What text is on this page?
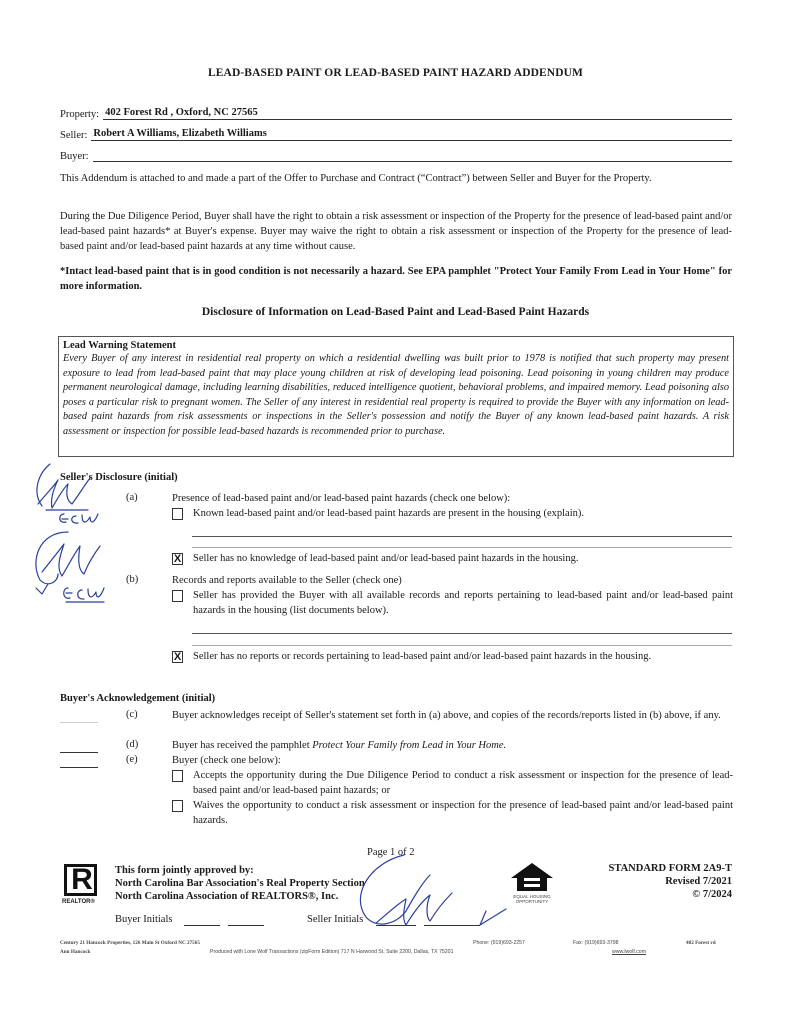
LEAD-BASED PAINT OR LEAD-BASED PAINT HAZARD ADDENDUM
Property: 402 Forest Rd , Oxford, NC 27565
Seller: Robert A Williams, Elizabeth Williams
Buyer:
This Addendum is attached to and made a part of the Offer to Purchase and Contract (“Contract”) between Seller and Buyer for the Property.
During the Due Diligence Period, Buyer shall have the right to obtain a risk assessment or inspection of the Property for the presence of lead-based paint and/or lead-based paint hazards* at Buyer's expense. Buyer may waive the right to obtain a risk assessment or inspection of the Property for the presence of lead-based paint and/or lead-based paint hazards at any time without cause.
*Intact lead-based paint that is in good condition is not necessarily a hazard. See EPA pamphlet "Protect Your Family From Lead in Your Home" for more information.
Disclosure of Information on Lead-Based Paint and Lead-Based Paint Hazards
Lead Warning Statement
Every Buyer of any interest in residential real property on which a residential dwelling was built prior to 1978 is notified that such property may present exposure to lead from lead-based paint that may place young children at risk of developing lead poisoning. Lead poisoning in young children may produce permanent neurological damage, including learning disabilities, reduced intelligence quotient, behavioral problems, and impaired memory. Lead poisoning also poses a particular risk to pregnant women. The Seller of any interest in residential real property is required to provide the Buyer with any information on lead-based paint hazards from risk assessments or inspections in the Seller's possession and notify the Buyer of any known lead-based paint hazards. A risk assessment or inspection for possible lead-based hazards is recommended prior to purchase.
Seller's Disclosure (initial)
(a)	Presence of lead-based paint and/or lead-based paint hazards (check one below):
Known lead-based paint and/or lead-based paint hazards are present in the housing (explain).
X Seller has no knowledge of lead-based paint and/or lead-based paint hazards in the housing.
(b)	Records and reports available to the Seller (check one)
Seller has provided the Buyer with all available records and reports pertaining to lead-based paint and/or lead-based paint hazards in the housing (list documents below).
X Seller has no reports or records pertaining to lead-based paint and/or lead-based paint hazards in the housing.
Buyer's Acknowledgement (initial)
(c)	Buyer acknowledges receipt of Seller's statement set forth in (a) above, and copies of the records/reports listed in (b) above, if any.
(d)	Buyer has received the pamphlet Protect Your Family from Lead in Your Home.
(e)	Buyer (check one below):
Accepts the opportunity during the Due Diligence Period to conduct a risk assessment or inspection for the presence of lead-based paint and/or lead-based paint hazards; or
Waives the opportunity to conduct a risk assessment or inspection for the presence of lead-based paint and/or lead-based paint hazards.
Page 1 of 2
R
REALTOR®
This form jointly approved by:
North Carolina Bar Association's Real Property Section
North Carolina Association of REALTORS®, Inc.
Buyer Initials	Seller Initials
EQUAL HOUSING OPPORTUNITY
STANDARD FORM 2A9-T
Revised 7/2021
© 7/2024
Century 21 Hancock Properties, 126 Main St Oxford NC 27565
Ann Hancock	Produced with Lone Wolf Transactions (zipForm Edition) 717 N Harwood St, Suite 2200, Dallas, TX 75201	www.lwolf.com
Phone: (919)693-2257	Fax: (919)693-3798	402 Forest rd
